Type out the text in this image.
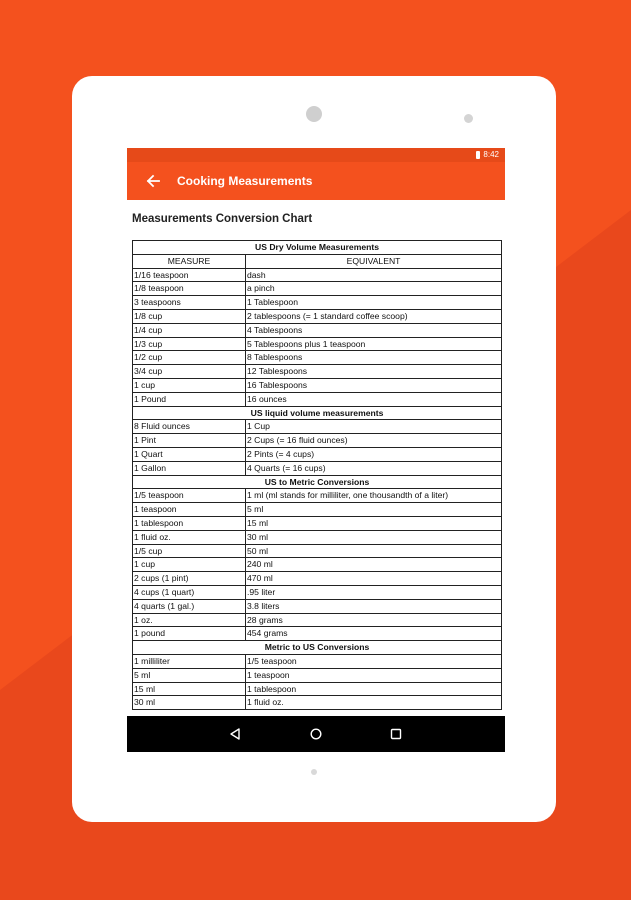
8:42
Cooking Measurements
Measurements Conversion Chart
US Dry Volume Measurements	
MEASURE	EQUIVALENT
1/16 teaspoon	dash
1/8 teaspoon	a pinch
3 teaspoons	1 Tablespoon
1/8 cup	2 tablespoons (= 1 standard coffee scoop)
1/4 cup	4 Tablespoons
1/3 cup	5 Tablespoons plus 1 teaspoon
1/2 cup	8 Tablespoons
3/4 cup	12 Tablespoons
1 cup	16 Tablespoons
1 Pound	16 ounces
US liquid volume measurements	
8 Fluid ounces	1 Cup
1 Pint	2 Cups (= 16 fluid ounces)
1 Quart	2 Pints (= 4 cups)
1 Gallon	4 Quarts (= 16 cups)
US to Metric Conversions	
1/5 teaspoon	1 ml (ml stands for milliliter, one thousandth of a liter)
1 teaspoon	5 ml
1 tablespoon	15 ml
1 fluid oz.	30 ml
1/5 cup	50 ml
1 cup	240 ml
2 cups (1 pint)	470 ml
4 cups (1 quart)	.95 liter
4 quarts (1 gal.)	3.8 liters
1 oz.	28 grams
1 pound	454 grams
Metric to US Conversions	
1 milliliter	1/5 teaspoon
5 ml	1 teaspoon
15 ml	1 tablespoon
30 ml	1 fluid oz.
